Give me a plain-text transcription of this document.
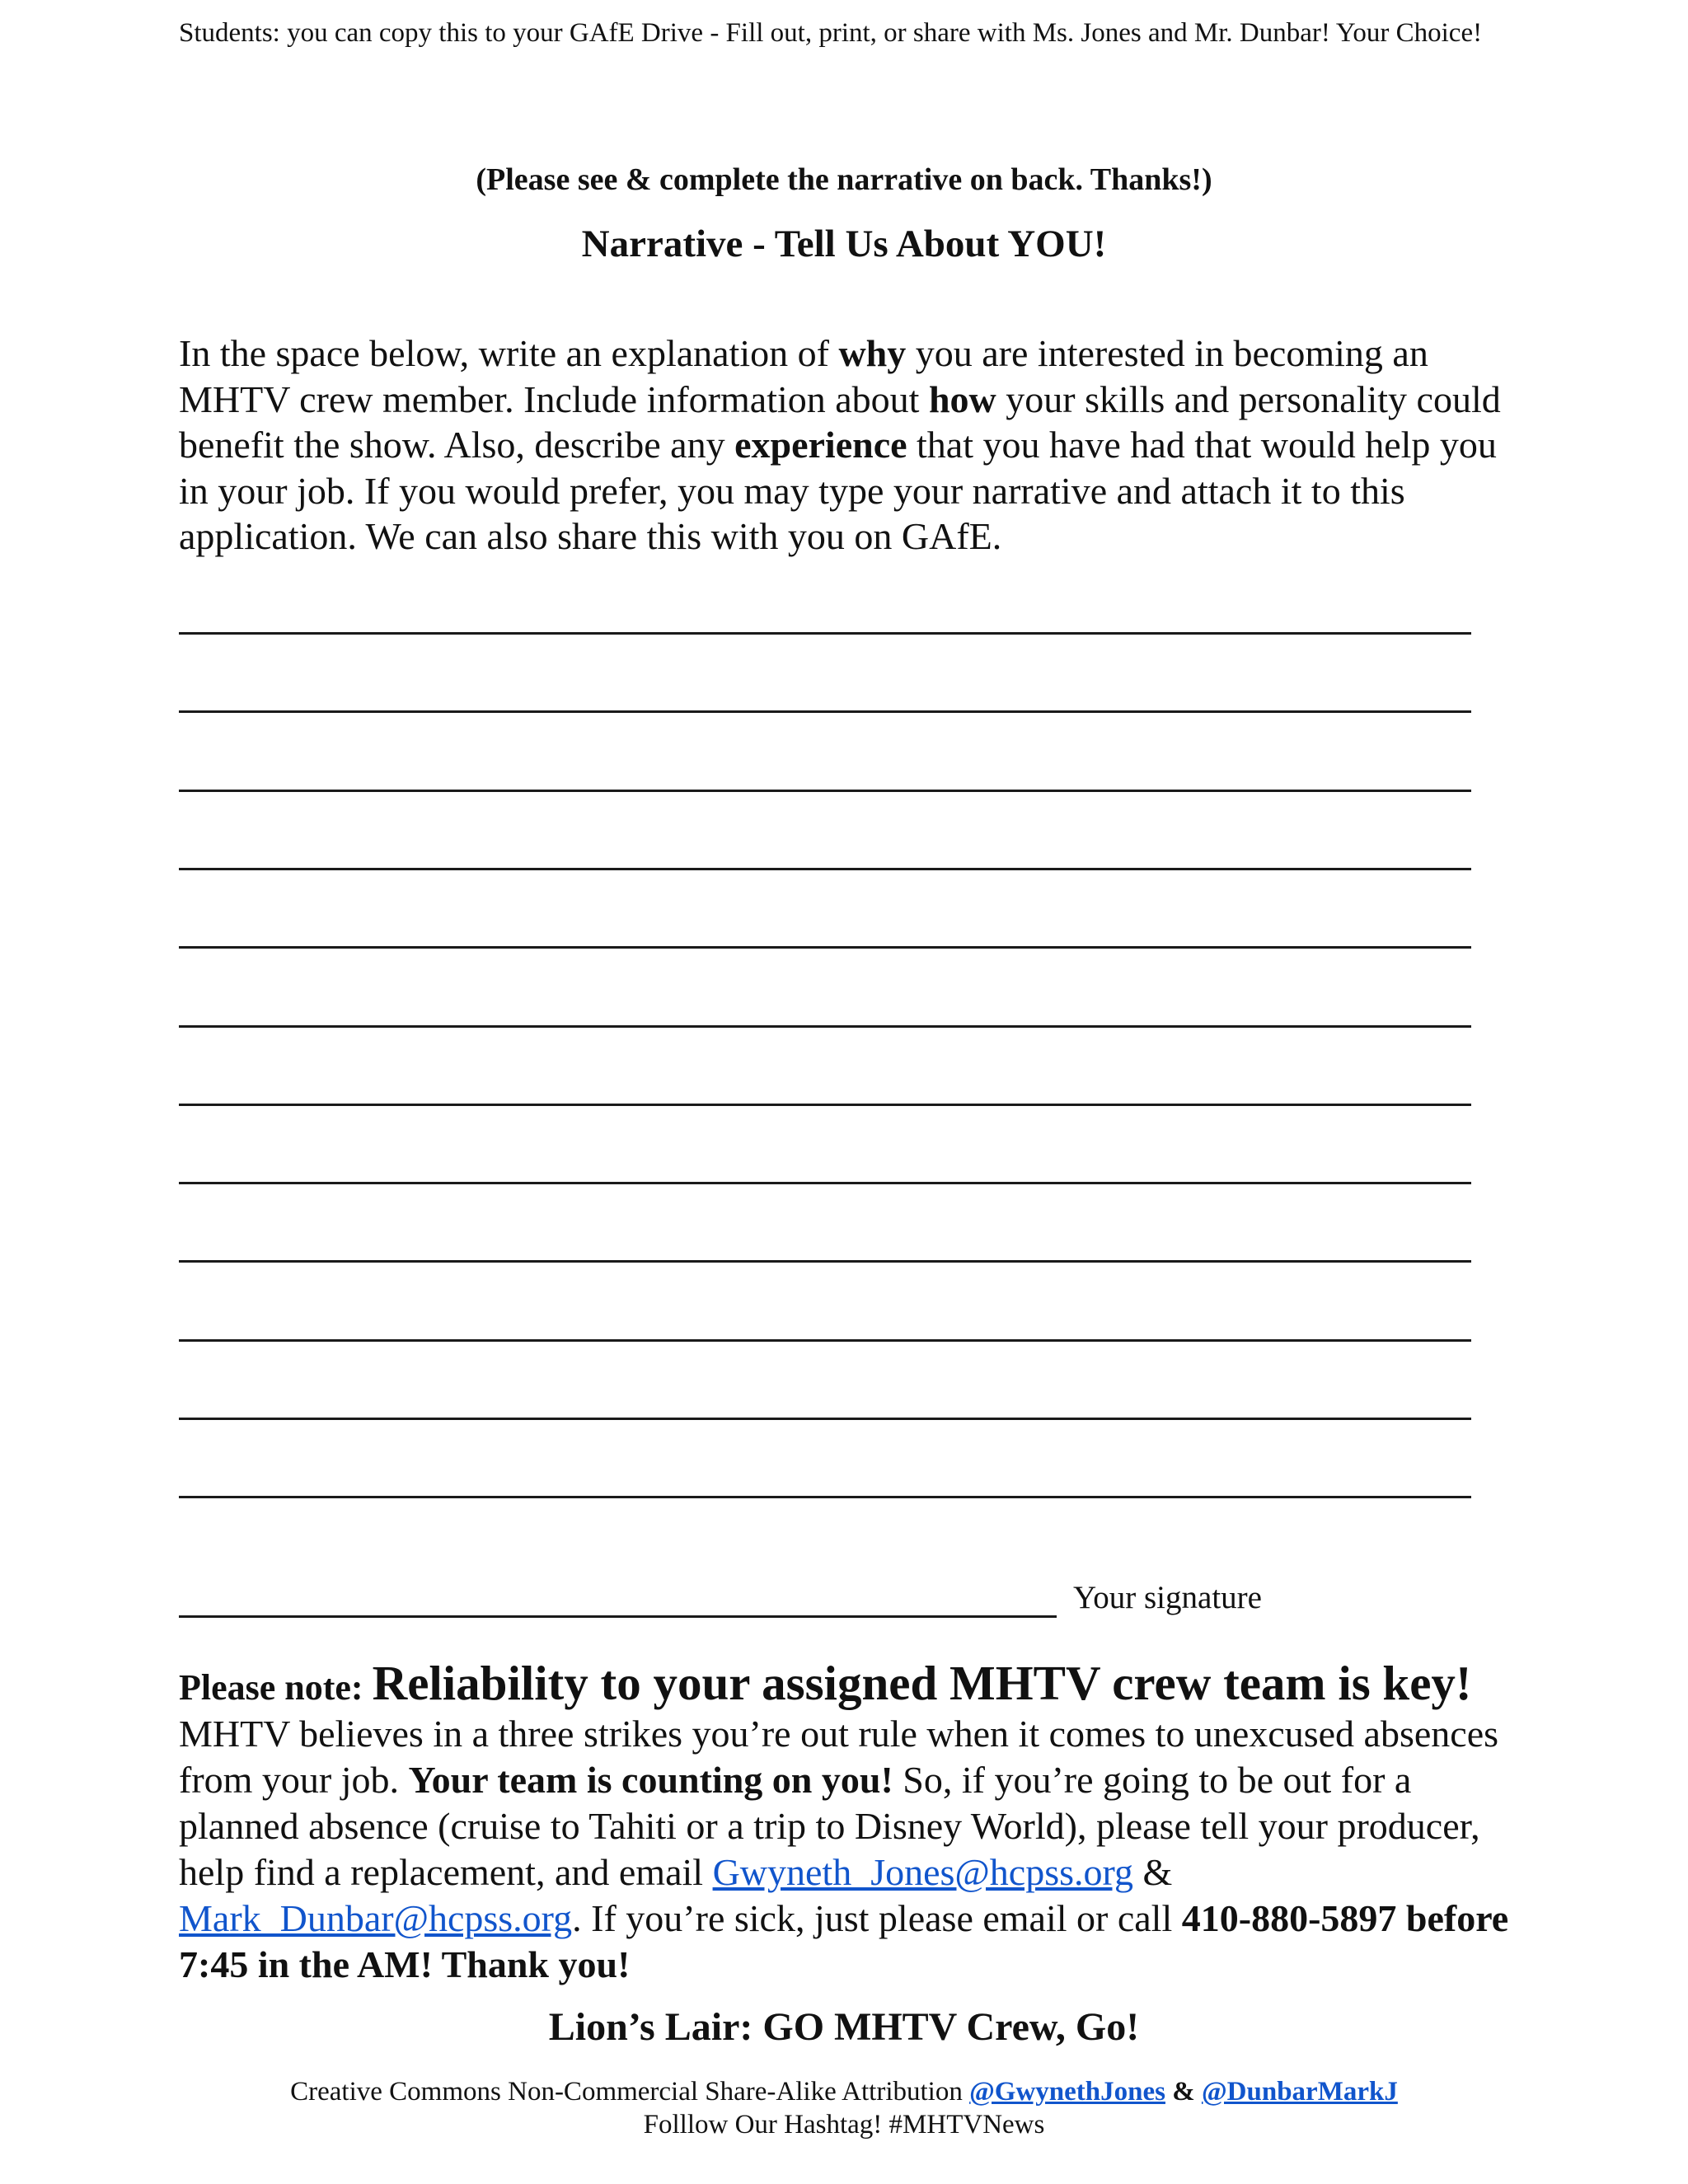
Students: you can copy this to your GAfE Drive - Fill out, print, or share with Ms. Jones and Mr. Dunbar! Your Choice!
(Please see & complete the narrative on back. Thanks!)
Narrative - Tell Us About YOU!

In the space below, write an explanation of why you are interested in becoming an MHTV crew member. Include information about how your skills and personality could benefit the show. Also, describe any experience that you have had that would help you in your job. If you would prefer, you may type your narrative and attach it to this application. We can also share this with you on GAfE.

Your signature

Please note: Reliability to your assigned MHTV crew team is key! MHTV believes in a three strikes you’re out rule when it comes to unexcused absences from your job. Your team is counting on you! So, if you’re going to be out for a planned absence (cruise to Tahiti or a trip to Disney World), please tell your producer, help find a replacement, and email Gwyneth_Jones@hcpss.org & Mark_Dunbar@hcpss.org. If you’re sick, just please email or call 410-880-5897 before 7:45 in the AM! Thank you!

Lion’s Lair: GO MHTV Crew, Go!
Creative Commons Non-Commercial Share-Alike Attribution @GwynethJones & @DunbarMarkJ
Folllow Our Hashtag! #MHTVNews
